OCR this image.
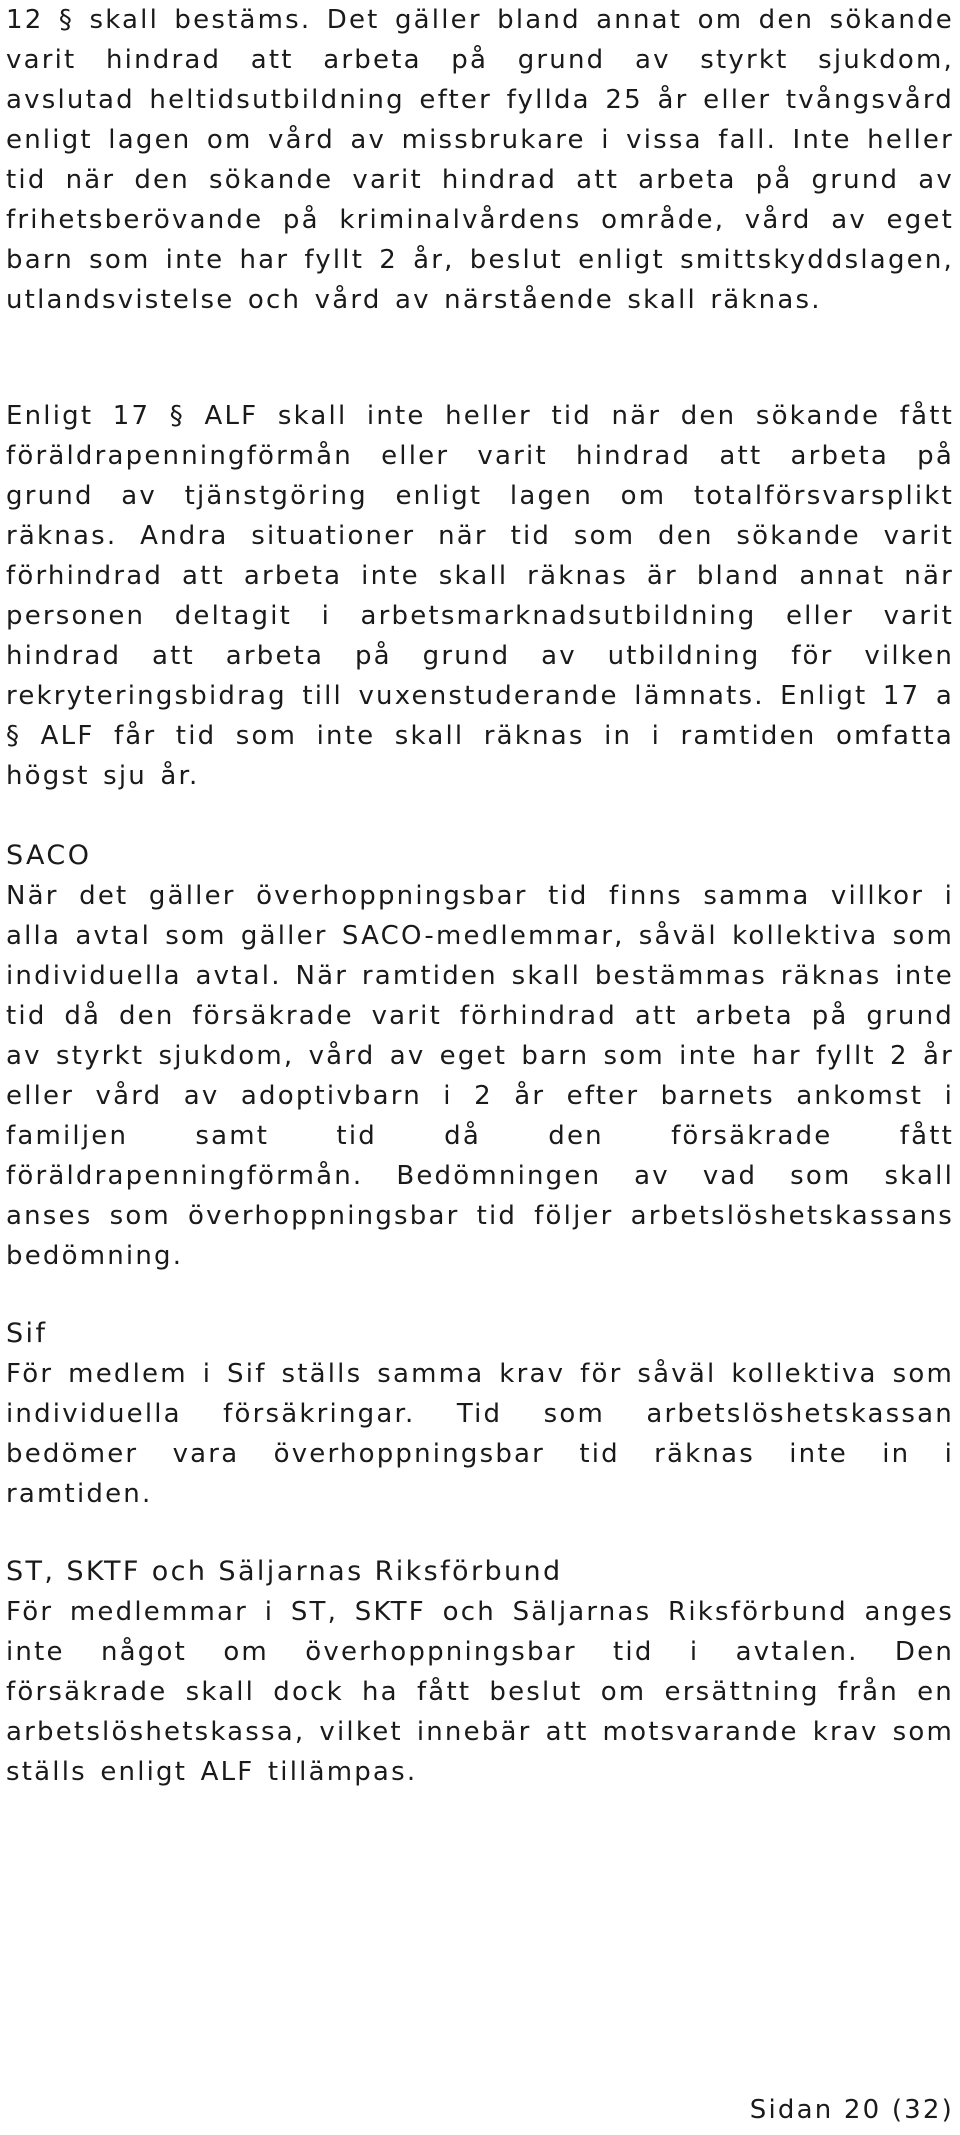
12 § skall bestäms. Det gäller bland annat om den sökande varit hindrad att arbeta på grund av styrkt sjukdom, avslutad heltidsutbildning efter fyllda 25 år eller tvångsvård enligt lagen om vård av missbrukare i vissa fall. Inte heller tid när den sökande varit hindrad att arbeta på grund av frihetsberövande på kriminalvårdens område, vård av eget barn som inte har fyllt 2 år, beslut enligt smittskyddslagen, utlandsvistelse och vård av närstående skall räknas.

Enligt 17 § ALF skall inte heller tid när den sökande fått föräldrapenningförmån eller varit hindrad att arbeta på grund av tjänstgöring enligt lagen om totalförsvarsplikt räknas. Andra situationer när tid som den sökande varit förhindrad att arbeta inte skall räknas är bland annat när personen deltagit i arbetsmarknadsutbildning eller varit hindrad att arbeta på grund av utbildning för vilken rekryteringsbidrag till vuxenstuderande lämnats. Enligt 17 a § ALF får tid som inte skall räknas in i ramtiden omfatta högst sju år.

SACO

När det gäller överhoppningsbar tid finns samma villkor i alla avtal som gäller SACO-medlemmar, såväl kollektiva som individuella avtal. När ramtiden skall bestämmas räknas inte tid då den försäkrade varit förhindrad att arbeta på grund av styrkt sjukdom, vård av eget barn som inte har fyllt 2 år eller vård av adoptivbarn i 2 år efter barnets ankomst i familjen samt tid då den försäkrade fått föräldrapenningförmån. Bedömningen av vad som skall anses som överhoppningsbar tid följer arbetslöshetskassans bedömning.

Sif

För medlem i Sif ställs samma krav för såväl kollektiva som individuella försäkringar. Tid som arbetslöshetskassan bedömer vara överhoppningsbar tid räknas inte in i ramtiden.

ST, SKTF och Säljarnas Riksförbund

För medlemmar i ST, SKTF och Säljarnas Riksförbund anges inte något om överhoppningsbar tid i avtalen. Den försäkrade skall dock ha fått beslut om ersättning från en arbetslöshetskassa, vilket innebär att motsvarande krav som ställs enligt ALF tillämpas.

Sidan 20 (32)
